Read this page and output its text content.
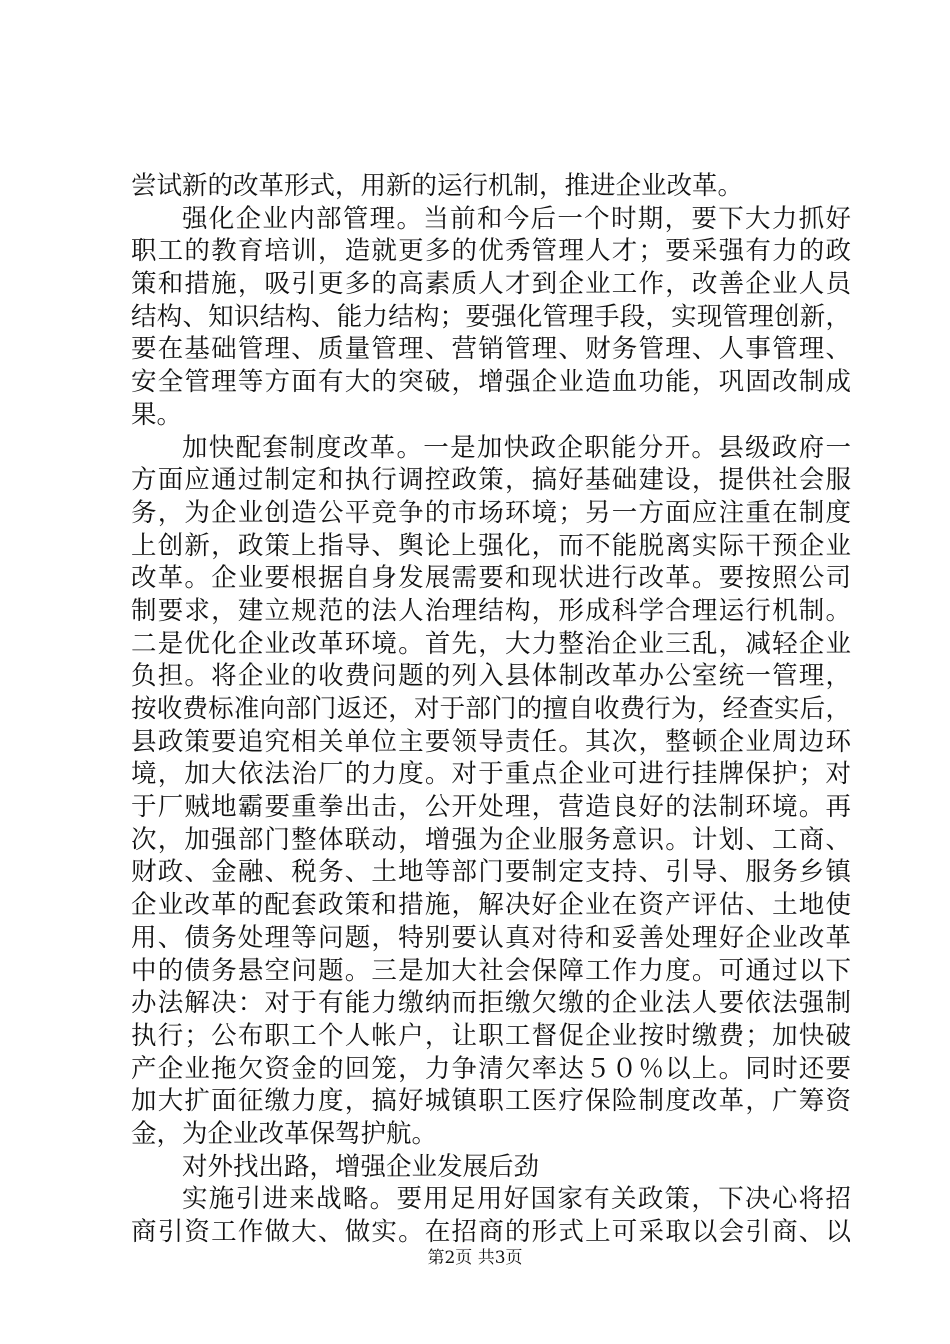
尝试新的改革形式，用新的运行机制，推进企业改革。
强化企业内部管理。当前和今后一个时期，要下大力抓好
职工的教育培训，造就更多的优秀管理人才；要采强有力的政
策和措施，吸引更多的高素质人才到企业工作，改善企业人员
结构、知识结构、能力结构；要强化管理手段，实现管理创新，
要在基础管理、质量管理、营销管理、财务管理、人事管理、
安全管理等方面有大的突破，增强企业造血功能，巩固改制成
果。
加快配套制度改革。一是加快政企职能分开。县级政府一
方面应通过制定和执行调控政策，搞好基础建设，提供社会服
务，为企业创造公平竞争的市场环境；另一方面应注重在制度
上创新，政策上指导、舆论上强化，而不能脱离实际干预企业
改革。企业要根据自身发展需要和现状进行改革。要按照公司
制要求，建立规范的法人治理结构，形成科学合理运行机制。
二是优化企业改革环境。首先，大力整治企业三乱，减轻企业
负担。将企业的收费问题的列入县体制改革办公室统一管理，
按收费标准向部门返还，对于部门的擅自收费行为，经查实后，
县政策要追究相关单位主要领导责任。其次，整顿企业周边环
境，加大依法治厂的力度。对于重点企业可进行挂牌保护；对
于厂贼地霸要重拳出击，公开处理，营造良好的法制环境。再
次，加强部门整体联动，增强为企业服务意识。计划、工商、
财政、金融、税务、土地等部门要制定支持、引导、服务乡镇
企业改革的配套政策和措施，解决好企业在资产评估、土地使
用、债务处理等问题，特别要认真对待和妥善处理好企业改革
中的债务悬空问题。三是加大社会保障工作力度。可通过以下
办法解决：对于有能力缴纳而拒缴欠缴的企业法人要依法强制
执行；公布职工个人帐户，让职工督促企业按时缴费；加快破
产企业拖欠资金的回笼，力争清欠率达５０％以上。同时还要
加大扩面征缴力度，搞好城镇职工医疗保险制度改革，广筹资
金，为企业改革保驾护航。
对外找出路，增强企业发展后劲
实施引进来战略。要用足用好国家有关政策，下决心将招
商引资工作做大、做实。在招商的形式上可采取以会引商、以
第2页 共3页
